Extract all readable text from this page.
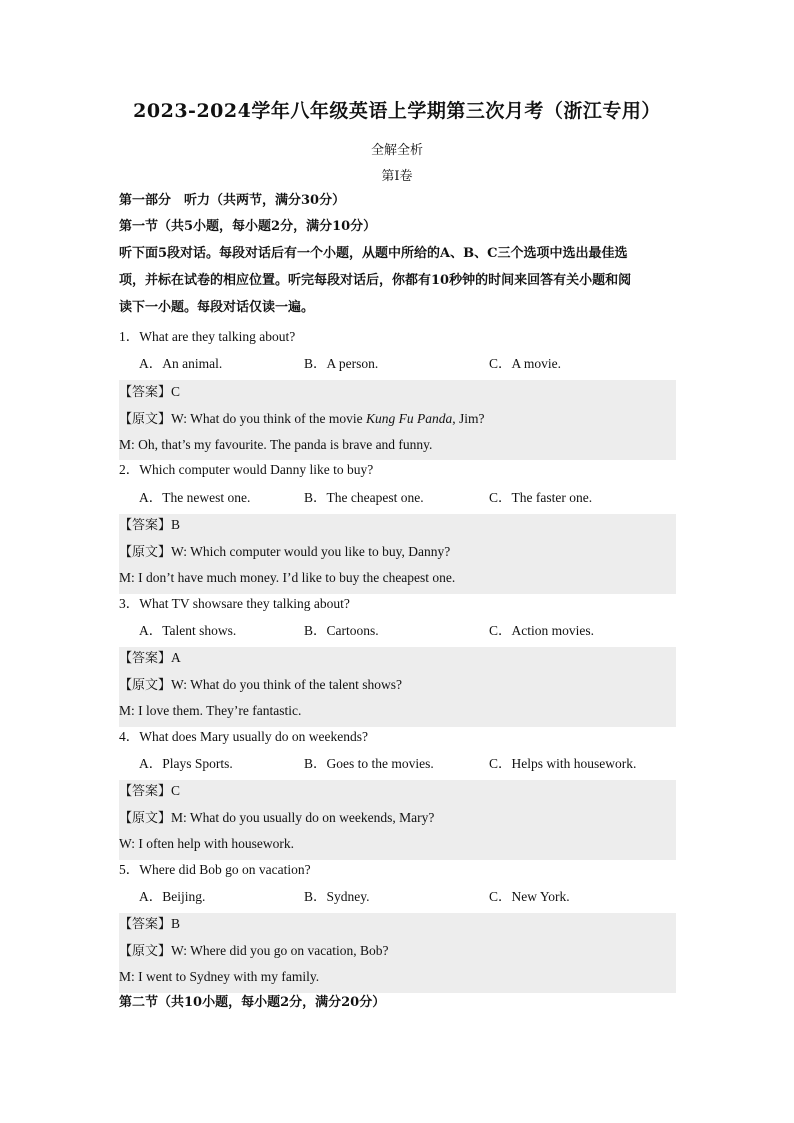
2023-2024学年八年级英语上学期第三次月考（浙江专用）
全解全析
第Ⅰ卷
第一部分　听力（共两节，满分30分）
第一节（共5小题，每小题2分，满分10分）
听下面5段对话。每段对话后有一个小题，从题中所给的A、B、C三个选项中选出最佳选
项，并标在试卷的相应位置。听完每段对话后，你都有10秒钟的时间来回答有关小题和阅
读下一小题。每段对话仅读一遍。
1．What are they talking about?
A．An animal.	B．A person.	C．A movie.
【答案】C
【原文】W: What do you think of the movie Kung Fu Panda, Jim?
M: Oh, that’s my favourite. The panda is brave and funny.
2．Which computer would Danny like to buy?
A．The newest one.	B．The cheapest one.	C．The faster one.
【答案】B
【原文】W: Which computer would you like to buy, Danny?
M: I don’t have much money. I’d like to buy the cheapest one.
3．What TV showsare they talking about?
A．Talent shows.	B．Cartoons.	C．Action movies.
【答案】A
【原文】W: What do you think of the talent shows?
M: I love them. They’re fantastic.
4．What does Mary usually do on weekends?
A．Plays Sports.	B．Goes to the movies.	C．Helps with housework.
【答案】C
【原文】M: What do you usually do on weekends, Mary?
W: I often help with housework.
5．Where did Bob go on vacation?
A．Beijing.	B．Sydney.	C．New York.
【答案】B
【原文】W: Where did you go on vacation, Bob?
M: I went to Sydney with my family.
第二节（共10小题，每小题2分，满分20分）
